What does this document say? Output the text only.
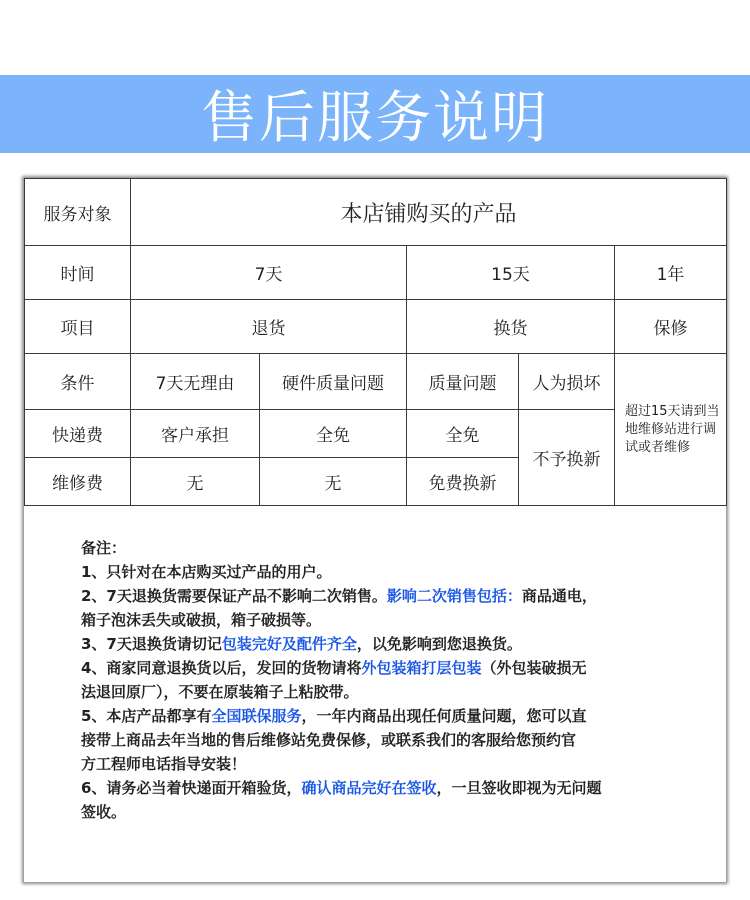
售后服务说明
服务对象	本店铺购买的产品				
时间	7天		15天		1年
项目	退货		换货		保修
条件	7天无理由	硬件质量问题	质量问题	人为损坏	超过15天请到当地维修站进行调试或者维修
快递费	客户承担	全免	全免	不予换新	
维修费	无	无	免费换新		

备注：

1、只针对在本店购买过产品的用户。

2、7天退换货需要保证产品不影响二次销售。影响二次销售包括：商品通电，

箱子泡沫丢失或破损，箱子破损等。

3、7天退换货请切记包装完好及配件齐全，以免影响到您退换货。

4、商家同意退换货以后，发回的货物请将外包装箱打层包装（外包装破损无

法退回原厂），不要在原装箱子上粘胶带。

5、本店产品都享有全国联保服务，一年内商品出现任何质量问题，您可以直

接带上商品去年当地的售后维修站免费保修，或联系我们的客服给您预约官

方工程师电话指导安装！

6、请务必当着快递面开箱验货，确认商品完好在签收，一旦签收即视为无问题

签收。
